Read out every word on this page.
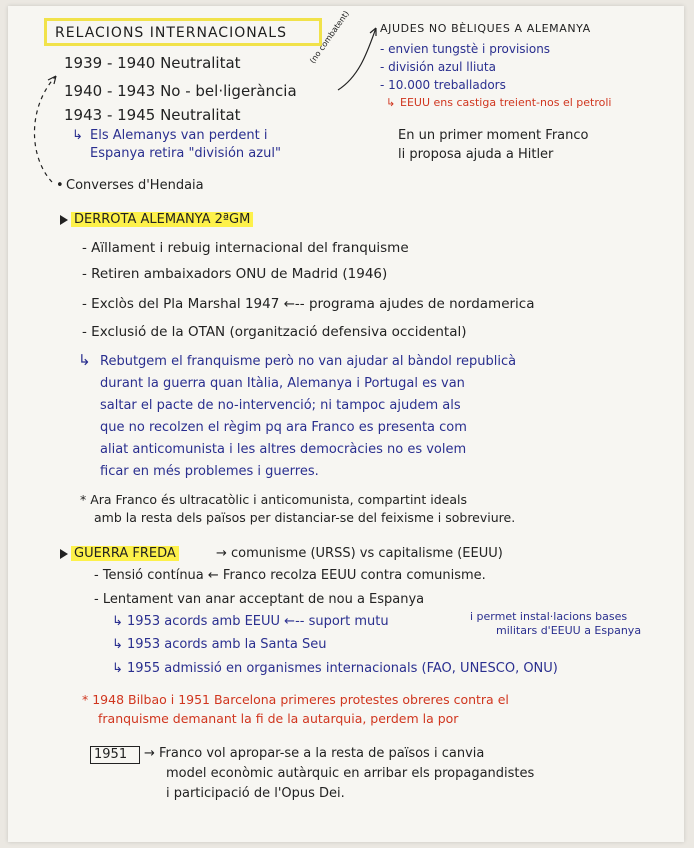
RELACIONS INTERNACIONALS
1939 - 1940 Neutralitat
1940 - 1943 No - bel·ligerància
1943 - 1945 Neutralitat
(no combatent)
↳ Els Alemanys van perdent i
Espanya retira "división azul"
• Converses d'Hendaia
AJUDES NO BÈLIQUES A ALEMANYA
- envien tungstè i provisions
- división azul lliuta
- 10.000 treballadors
↳ EEUU ens castiga treient-nos el petroli
En un primer moment Franco
li proposa ajuda a Hitler
DERROTA ALEMANYA 2ªGM
- Aïllament i rebuig internacional del franquisme
- Retiren ambaixadors ONU de Madrid (1946)
- Exclòs del Pla Marshal 1947 ←-- programa ajudes de nordamerica
- Exclusió de la OTAN (organització defensiva occidental)
↳ Rebutgem el franquisme però no van ajudar al bàndol republicà
durant la guerra quan Itàlia, Alemanya i Portugal es van
saltar el pacte de no-intervenció; ni tampoc ajudem als
que no recolzen el règim pq ara Franco es presenta com
aliat anticomunista i les altres democràcies no es volem
ficar en més problemes i guerres.
* Ara Franco és ultracatòlic i anticomunista, compartint ideals
amb la resta dels països per distanciar-se del feixisme i sobreviure.
GUERRA FREDA	→ comunisme (URSS) vs capitalisme (EEUU)
- Tensió contínua ← Franco recolza EEUU contra comunisme.
- Lentament van anar acceptant de nou a Espanya
↳ 1953 acords amb EEUU ←-- suport mutu
↳ 1953 acords amb la Santa Seu
↳ 1955 admissió en organismes internacionals (FAO, UNESCO, ONU)
i permet instal·lacions bases
militars d'EEUU a Espanya
* 1948 Bilbao i 1951 Barcelona primeres protestes obreres contra el
franquisme demanant la fi de la autarquia, perdem la por
1951 → Franco vol apropar-se a la resta de països i canvia
model econòmic autàrquic en arribar els propagandistes
i participació de l'Opus Dei.
